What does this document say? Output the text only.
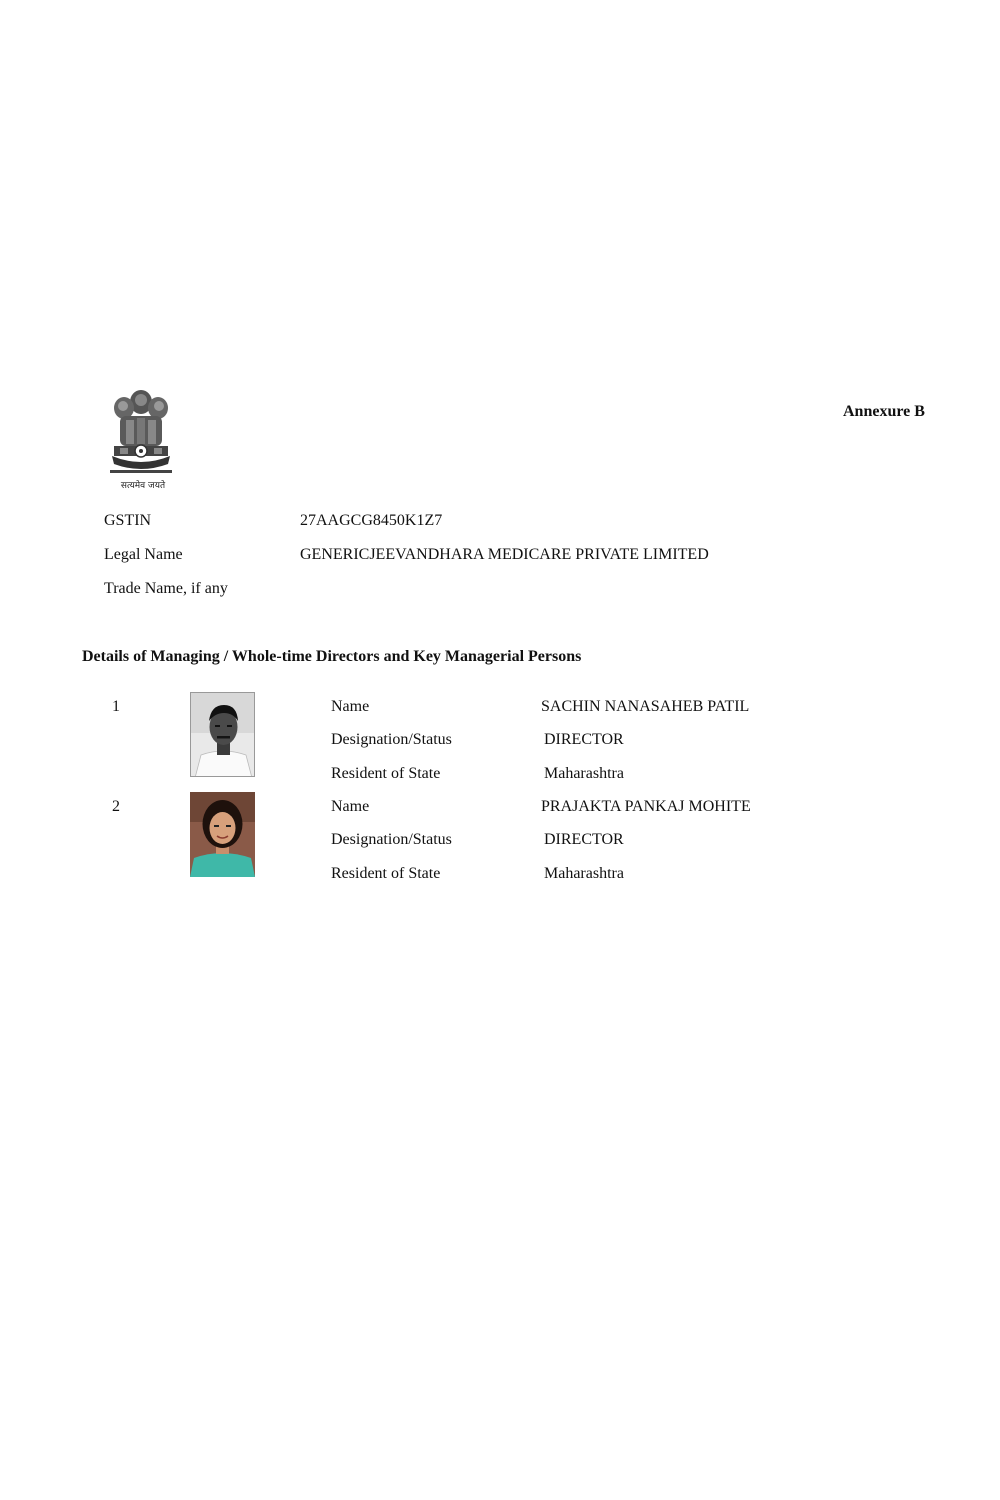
सत्यमेव जयते
Annexure B
GSTIN	27AAGCG8450K1Z7
Legal Name	GENERICJEEVANDHARA MEDICARE PRIVATE LIMITED
Trade Name, if any
Details of Managing / Whole-time Directors and Key Managerial Persons
1	Name	SACHIN NANASAHEB PATIL
Designation/Status	DIRECTOR
Resident of State	Maharashtra
2	Name	PRAJAKTA PANKAJ MOHITE
Designation/Status	DIRECTOR
Resident of State	Maharashtra
